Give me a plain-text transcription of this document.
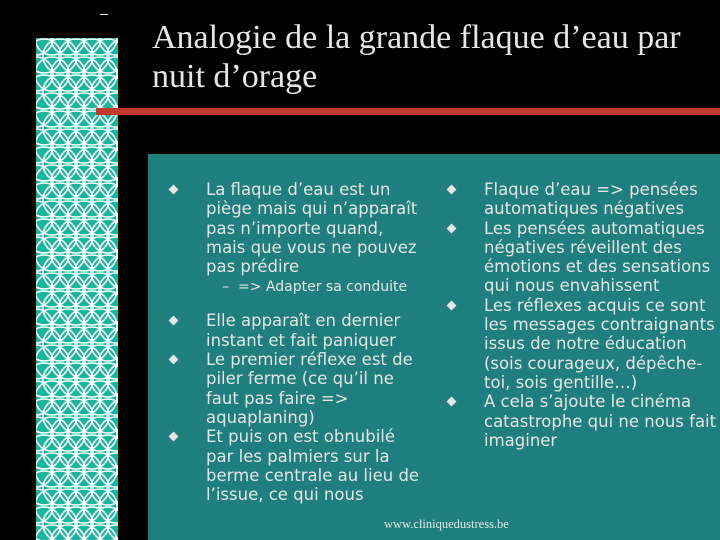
Analogie de la grande flaque d’eau par nuit d’orage

La flaque d’eau est un piège mais qui n’apparaît pas n’importe quand, mais que vous ne pouvez pas prédire

– => Adapter sa conduite

Elle apparaît en dernier instant et fait paniquer

Le premier réflexe est de piler ferme (ce qu’il ne faut pas faire => aquaplaning)

Et puis on est obnubilé par les palmiers sur la berme centrale au lieu de l’issue, ce qui nous

Flaque d’eau => pensées automatiques négatives

Les pensées automatiques négatives réveillent des émotions et des sensations qui nous envahissent

Les réflexes acquis ce sont les messages contraignants issus de notre éducation (sois courageux, dépêche-toi, sois gentille…)

A cela s’ajoute le cinéma catastrophe qui ne nous fait imaginer

www.cliniquedustress.be
